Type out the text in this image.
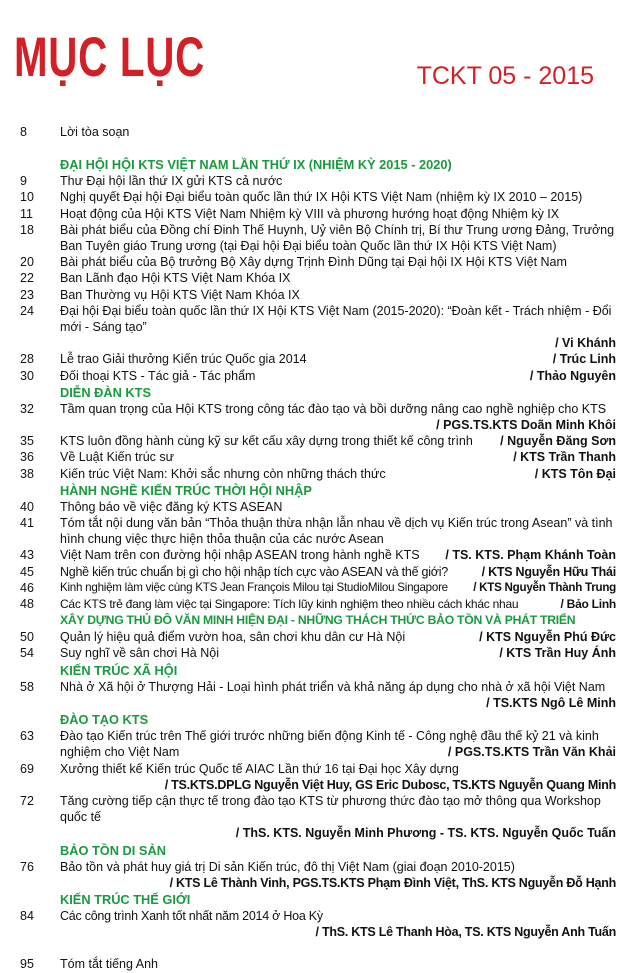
MỤC LỤC	TCKT 05 - 2015
8	Lời tòa soạn
ĐẠI HỘI HỘI KTS VIỆT NAM LẦN THỨ IX (NHIỆM KỲ 2015 - 2020)
9	Thư Đại hội lần thứ IX gửi KTS cả nước
10	Nghị quyết Đại hội Đại biểu toàn quốc lần thứ IX Hội KTS Việt Nam (nhiệm kỳ IX 2010 – 2015)
11	Hoạt động của Hội KTS Việt Nam Nhiệm kỳ VIII và phương hướng hoạt động Nhiệm kỳ IX
18	Bài phát biểu của Đồng chí Đinh Thế Huynh, Uỷ viên Bộ Chính trị, Bí thư Trung ương Đảng, Trưởng Ban Tuyên giáo Trung ương (tại Đại hội Đại biểu toàn Quốc lần thứ IX Hội KTS Việt Nam)
20	Bài phát biểu của Bộ trưởng Bộ Xây dựng Trịnh Đình Dũng tại Đại hội IX Hội KTS Việt Nam
22	Ban Lãnh đạo Hội KTS Việt Nam Khóa IX
23	Ban Thường vụ Hội KTS Việt Nam Khóa IX
24	Đại hội Đại biểu toàn quốc lần thứ IX Hội KTS Việt Nam (2015-2020): “Đoàn kết - Trách nhiệm - Đổi mới - Sáng tạo”
/ Vi Khánh
28	Lễ trao Giải thưởng Kiến trúc Quốc gia 2014	/ Trúc Linh
30	Đối thoại KTS - Tác giả - Tác phẩm	/ Thảo Nguyên
DIỄN ĐÀN KTS
32	Tầm quan trọng của Hội KTS trong công tác đào tạo và bồi dưỡng nâng cao nghề nghiệp cho KTS
/ PGS.TS.KTS Doãn Minh Khôi
35	KTS luôn đồng hành cùng kỹ sư kết cấu xây dựng trong thiết kế công trình / Nguyễn Đăng Sơn
36	Về Luật Kiến trúc sư	/ KTS Trần Thanh
38	Kiến trúc Việt Nam: Khởi sắc nhưng còn những thách thức	/ KTS Tôn Đại
HÀNH NGHỀ KIẾN TRÚC THỜI HỘI NHẬP
40	Thông báo về việc đăng ký KTS ASEAN
41	Tóm tắt nội dung văn bản “Thỏa thuận thừa nhận lẫn nhau về dịch vụ Kiến trúc trong Asean” và tình hình chung việc thực hiện thỏa thuận của các nước Asean
43	Việt Nam trên con đường hội nhập ASEAN trong hành nghề KTS / TS. KTS. Phạm Khánh Toàn
45	Nghề kiến trúc chuẩn bị gì cho hội nhập tích cực vào ASEAN và thế giới?	/ KTS Nguyễn Hữu Thái
46	Kinh nghiệm làm việc cùng KTS Jean François Milou tại StudioMilou Singapore / KTS Nguyễn Thành Trung
48	Các KTS trẻ đang làm việc tại Singapore: Tích lũy kinh nghiệm theo nhiều cách khác nhau	/ Bảo Linh
XÂY DỰNG THỦ ĐÔ VĂN MINH HIỆN ĐẠI - NHỮNG THÁCH THỨC BẢO TỒN VÀ PHÁT TRIỂN
50	Quản lý hiệu quả điểm vườn hoa, sân chơi khu dân cư Hà Nội	/ KTS Nguyễn Phú Đức
54	Suy nghĩ về sân chơi Hà Nội	/ KTS Trần Huy Ánh
KIẾN TRÚC XÃ HỘI
58	Nhà ở Xã hội ở Thượng Hải - Loại hình phát triển và khả năng áp dụng cho nhà ở xã hội Việt Nam
/ TS.KTS Ngô Lê Minh
ĐÀO TẠO KTS
63	Đào tạo Kiến trúc trên Thế giới trước những biến động Kinh tế - Công nghệ đầu thế kỷ 21 và kinh nghiệm cho Việt Nam	/ PGS.TS.KTS Trần Văn Khải
69	Xưởng thiết kế Kiến trúc Quốc tế AIAC Lần thứ 16 tại Đại học Xây dựng
/ TS.KTS.DPLG Nguyễn Việt Huy, GS Eric Dubosc, TS.KTS Nguyễn Quang Minh
72	Tăng cường tiếp cận thực tế trong đào tạo KTS từ phương thức đào tạo mở thông qua Workshop quốc tế
/ ThS. KTS. Nguyễn Minh Phương - TS. KTS. Nguyễn Quốc Tuấn
BẢO TỒN DI SẢN
76	Bảo tồn và phát huy giá trị Di sản Kiến trúc, đô thị Việt Nam (giai đoạn 2010-2015)
/ KTS Lê Thành Vinh, PGS.TS.KTS Phạm Đình Việt, ThS. KTS Nguyễn Đỗ Hạnh
KIẾN TRÚC THẾ GIỚI
84	Các công trình Xanh tốt nhất năm 2014 ở Hoa Kỳ
/ ThS. KTS Lê Thanh Hòa, TS. KTS Nguyễn Anh Tuấn
95	Tóm tắt tiếng Anh
